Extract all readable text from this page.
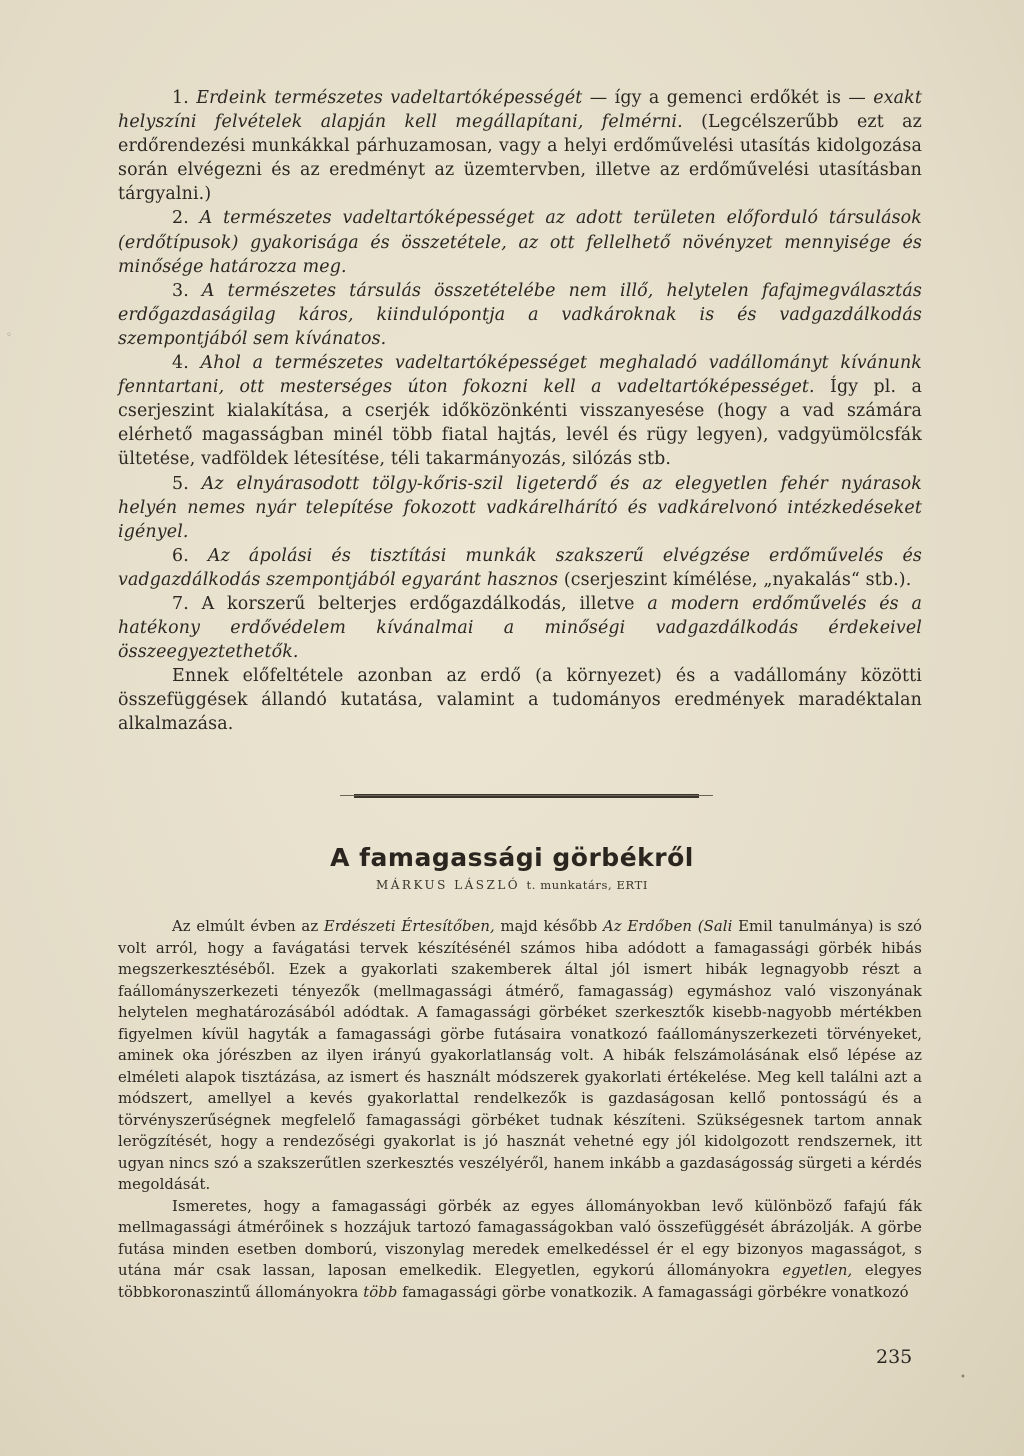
1. Erdeink természetes vadeltartóképességét — így a gemenci erdőkét is — exakt helyszíni felvételek alapján kell megállapítani, felmérni. (Legcélszerűbb ezt az erdőrendezési munkákkal párhuzamosan, vagy a helyi erdőművelési utasítás kidolgozása során elvégezni és az eredményt az üzemtervben, illetve az erdőművelési utasításban tárgyalni.)

2. A természetes vadeltartóképességet az adott területen előforduló társulások (erdőtípusok) gyakorisága és összetétele, az ott fellelhető növényzet mennyisége és minősége határozza meg.

3. A természetes társulás összetételébe nem illő, helytelen fafajmegválasztás erdőgazdaságilag káros, kiindulópontja a vadkároknak is és vadgazdálkodás szempontjából sem kívánatos.

4. Ahol a természetes vadeltartóképességet meghaladó vadállományt kívánunk fenntartani, ott mesterséges úton fokozni kell a vadeltartóképességet. Így pl. a cserjeszint kialakítása, a cserjék időközönkénti visszanyesése (hogy a vad számára elérhető magasságban minél több fiatal hajtás, levél és rügy legyen), vadgyümölcsfák ültetése, vadföldek létesítése, téli takarmányozás, silózás stb.

5. Az elnyárasodott tölgy-kőris-szil ligeterdő és az elegyetlen fehér nyárasok helyén nemes nyár telepítése fokozott vadkárelhárító és vadkárelvonó intézkedéseket igényel.

6. Az ápolási és tisztítási munkák szakszerű elvégzése erdőművelés és vadgazdálkodás szempontjából egyaránt hasznos (cserjeszint kímélése, „nyakalás“ stb.).

7. A korszerű belterjes erdőgazdálkodás, illetve a modern erdőművelés és a hatékony erdővédelem kívánalmai a minőségi vadgazdálkodás érdekeivel összeegyeztethetők.

Ennek előfeltétele azonban az erdő (a környezet) és a vadállomány közötti összefüggések állandó kutatása, valamint a tudományos eredmények maradéktalan alkalmazása.

A famagassági görbékről
MÁRKUS LÁSZLÓ t. munkatárs, ERTI

Az elmúlt évben az Erdészeti Értesítőben, majd később Az Erdőben (Sali Emil tanulmánya) is szó volt arról, hogy a favágatási tervek készítésénél számos hiba adódott a famagassági görbék hibás megszerkesztéséből. Ezek a gyakorlati szakemberek által jól ismert hibák legnagyobb részt a faállományszerkezeti tényezők (mellmagassági átmérő, famagasság) egymáshoz való viszonyának helytelen meghatározásából adódtak. A famagassági görbéket szerkesztők kisebb-nagyobb mértékben figyelmen kívül hagyták a famagassági görbe futásaira vonatkozó faállományszerkezeti törvényeket, aminek oka jórészben az ilyen irányú gyakorlatlanság volt. A hibák felszámolásának első lépése az elméleti alapok tisztázása, az ismert és használt módszerek gyakorlati értékelése. Meg kell találni azt a módszert, amellyel a kevés gyakorlattal rendelkezők is gazdaságosan kellő pontosságú és a törvényszerűségnek megfelelő famagassági görbéket tudnak készíteni. Szükségesnek tartom annak lerögzítését, hogy a rendezőségi gyakorlat is jó hasznát vehetné egy jól kidolgozott rendszernek, itt ugyan nincs szó a szakszerűtlen szerkesztés veszélyéről, hanem inkább a gazdaságosság sürgeti a kérdés megoldását.

Ismeretes, hogy a famagassági görbék az egyes állományokban levő különböző fafajú fák mellmagassági átmérőinek s hozzájuk tartozó famagasságokban való összefüggését ábrázolják. A görbe futása minden esetben domború, viszonylag meredek emelkedéssel ér el egy bizonyos magasságot, s utána már csak lassan, laposan emelkedik. Elegyetlen, egykorú állományokra egyetlen, elegyes többkoronaszintű állományokra több famagassági görbe vonatkozik. A famagassági görbékre vonatkozó

235
◦
•
